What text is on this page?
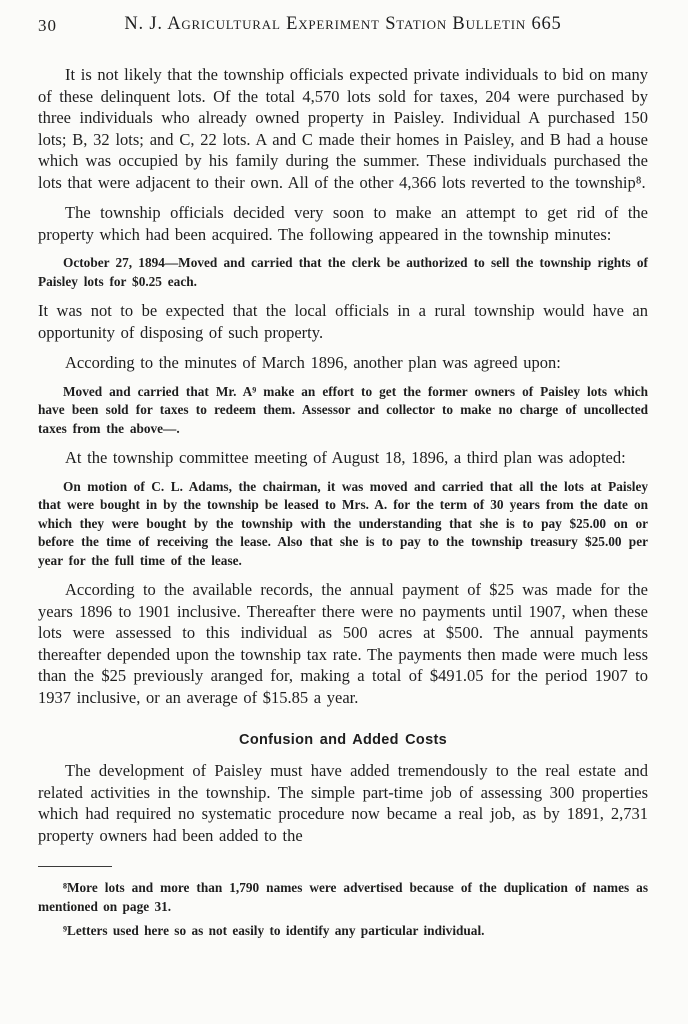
30	N. J. Agricultural Experiment Station Bulletin 665

It is not likely that the township officials expected private individuals to bid on many of these delinquent lots. Of the total 4,570 lots sold for taxes, 204 were purchased by three individuals who already owned property in Paisley. Individual A purchased 150 lots; B, 32 lots; and C, 22 lots. A and C made their homes in Paisley, and B had a house which was occupied by his family during the summer. These individuals purchased the lots that were adjacent to their own. All of the other 4,366 lots reverted to the township⁸.

The township officials decided very soon to make an attempt to get rid of the property which had been acquired. The following appeared in the township minutes:

October 27, 1894—Moved and carried that the clerk be authorized to sell the township rights of Paisley lots for $0.25 each.

It was not to be expected that the local officials in a rural township would have an opportunity of disposing of such property.

According to the minutes of March 1896, another plan was agreed upon:

Moved and carried that Mr. A⁹ make an effort to get the former owners of Paisley lots which have been sold for taxes to redeem them. Assessor and collector to make no charge of uncollected taxes from the above—.

At the township committee meeting of August 18, 1896, a third plan was adopted:

On motion of C. L. Adams, the chairman, it was moved and carried that all the lots at Paisley that were bought in by the township be leased to Mrs. A. for the term of 30 years from the date on which they were bought by the township with the understanding that she is to pay $25.00 on or before the time of receiving the lease. Also that she is to pay to the township treasury $25.00 per year for the full time of the lease.

According to the available records, the annual payment of $25 was made for the years 1896 to 1901 inclusive. Thereafter there were no payments until 1907, when these lots were assessed to this individual as 500 acres at $500. The annual payments thereafter depended upon the township tax rate. The payments then made were much less than the $25 previously aranged for, making a total of $491.05 for the period 1907 to 1937 inclusive, or an average of $15.85 a year.

Confusion and Added Costs

The development of Paisley must have added tremendously to the real estate and related activities in the township. The simple part-time job of assessing 300 properties which had required no systematic procedure now became a real job, as by 1891, 2,731 property owners had been added to the

⁸More lots and more than 1,790 names were advertised because of the duplication of names as mentioned on page 31.

⁹Letters used here so as not easily to identify any particular individual.
